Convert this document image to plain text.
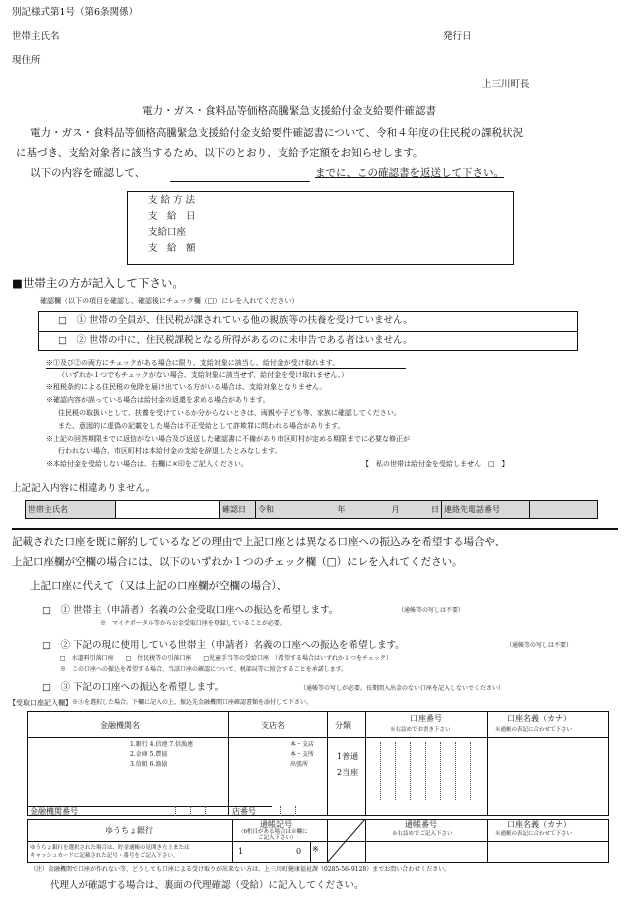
別記様式第1号（第6条関係）
世帯主氏名	発行日
現住所
上三川町長
電力・ガス・食料品等価格高騰緊急支援給付金支給要件確認書
電力・ガス・食料品等価格高騰緊急支援給付金支給要件確認書について、令和４年度の住民税の課税状況
に基づき、支給対象者に該当するため、以下のとおり、支給予定額をお知らせします。
以下の内容を確認して、	までに、この確認書を返送して下さい。
支 給 方 法
支　給　日
支給口座
支　給　額
■世帯主の方が記入して下さい。
確認欄（以下の項目を確認し、確認後にチェック欄（□）にレを入れてください）
□　① 世帯の全員が、住民税が課されている他の親族等の扶養を受けていません。
□　② 世帯の中に、住民税課税となる所得があるのに未申告である者はいません。
※①及び②の両方にチェックがある場合に限り、支給対象に該当し、給付金が受け取れます。
（いずれか１つでもチェックがない場合、支給対象に該当せず、給付金を受け取れません。）
※租税条約による住民税の免除を届け出ている方がいる場合は、支給対象となりません。
※確認内容が誤っている場合は給付金の返還を求める場合があります。
住民税の取扱いとして、扶養を受けているか分からないときは、両親や子ども等、家族に確認してください。
また、意図的に虚偽の記載をした場合は不正受給として詐欺罪に問われる場合があります。
※上記の回答期限までに返信がない場合及び返送した確認書に不備があり市区町村が定める期限までに必要な修正が
行われない場合、市区町村は本給付金の支給を辞退したとみなします。
※本給付金を受給しない場合は、右欄に×印をご記入ください。	【　私の世帯は給付金を受給しません　□　】
上記記入内容に相違ありません。
世帯主氏名		確認日	令和	年	月	日	連絡先電話番号	
記載された口座を既に解約しているなどの理由で上記口座とは異なる口座への振込みを希望する場合や、
上記口座欄が空欄の場合には、以下のいずれか１つのチェック欄（□）にレを入れてください。
上記口座に代えて（又は上記の口座欄が空欄の場合）、
□　① 世帯主（申請者）名義の公金受取口座への振込を希望します。	（通帳等の写しは不要）
※　マイナポータル等から公金受取口座を登録していることが必要。
□　② 下記の現に使用している世帯主（申請者）名義の口座への振込を希望します。	（通帳等の写しは不要）
□　水道料引落口座　　□　住民税等の引落口座　　□児童手当等の受給口座　（希望する場合はいずれか１つをチェック）
※　この口座への振込を希望する場合、当該口座の確認について、税部局等に照会することを承諾します。
□　③ 下記の口座への振込を希望します。	（通帳等の写しが必要。長期間入出金のない口座を記入しないでください）
【受取口座記入欄】 ※③を選択した場合、下欄に記入の上、振込先金融機関口座確認書類を添付して下さい。
金融機関名	支店名	分類
口座番号
※右詰めでお書き下さい
口座名義（カナ）
※通帳の表記に合わせて下さい
1.銀行 4.信連 7.信漁連
2.金庫 5.農協
3.信組 6.漁協
本・支店
本・支所
出張所
1普通
2当座
金融機関番号	店番号
ゆうちょ銀行
ゆうちょ銀行を選択された場合は、貯金通帳の見開き左上または
キャッシュカードに記載された記号・番号をご記入下さい。
通帳記号
（6桁目がある場合は※欄に
ご記入下さい）
1	0 ※
通帳番号
※右詰めでご記入下さい
口座名義（カナ）
※通帳の表記に合わせて下さい
（注）金融機関で口座が作れない等、どうしても口座による受け取りが出来ない方は、上三川町健康福祉課（0285-56-9128）までお問い合わせください。
代理人が確認する場合は、裏面の代理確認（受給）に記入してください。
